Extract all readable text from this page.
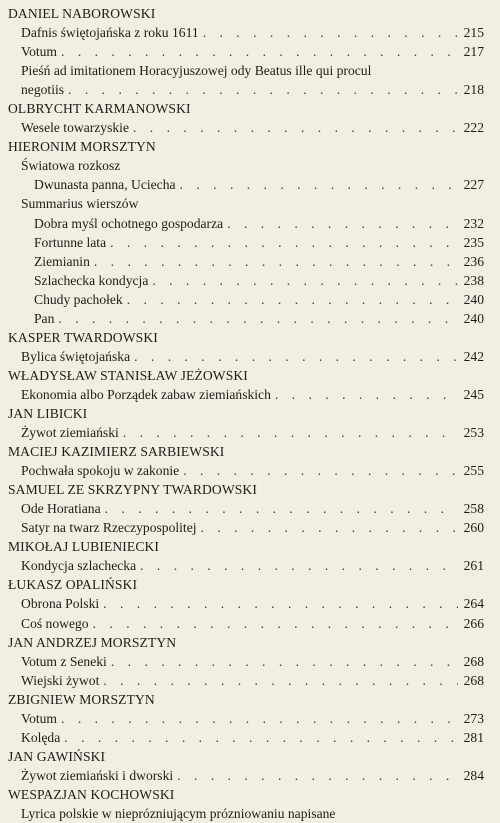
DANIEL NABOROWSKI
Dafnis świętojańska z roku 1611 . . .	215
Votum . . .	217
Pieśń ad imitationem Horacyjuszowej ody Beatus ille qui procul
negotiis . . .	218
OLBRYCHT KARMANOWSKI
Wesele towarzyskie . . .	222
HIERONIM MORSZTYN
Światowa rozkosz
Dwunasta panna, Uciecha . . .	227
Summarius wierszów
Dobra myśl ochotnego gospodarza . . .	232
Fortunne lata . . .	235
Ziemianin . . .	236
Szlachecka kondycja . . .	238
Chudy pachołek . . .	240
Pan . . .	240
KASPER TWARDOWSKI
Bylica świętojańska . . .	242
WŁADYSŁAW STANISŁAW JEŻOWSKI
Ekonomia albo Porządek zabaw ziemiańskich . . .	245
JAN LIBICKI
Żywot ziemiański . . .	253
MACIEJ KAZIMIERZ SARBIEWSKI
Pochwała spokoju w zakonie . . .	255
SAMUEL ZE SKRZYPNY TWARDOWSKI
Ode Horatiana . . .	258
Satyr na twarz Rzeczypospolitej . . .	260
MIKOŁAJ LUBIENIECKI
Kondycja szlachecka . . .	261
ŁUKASZ OPALIŃSKI
Obrona Polski . . .	264
Coś nowego . . .	266
JAN ANDRZEJ MORSZTYN
Votum z Seneki . . .	268
Wiejski żywot . . .	268
ZBIGNIEW MORSZTYN
Votum . . .	273
Kolęda . . .	281
JAN GAWIŃSKI
Żywot ziemiański i dworski . . .	284
WESPAZJAN KOCHOWSKI
Lyrica polskie w nieprózniującym prózniowaniu napisane
